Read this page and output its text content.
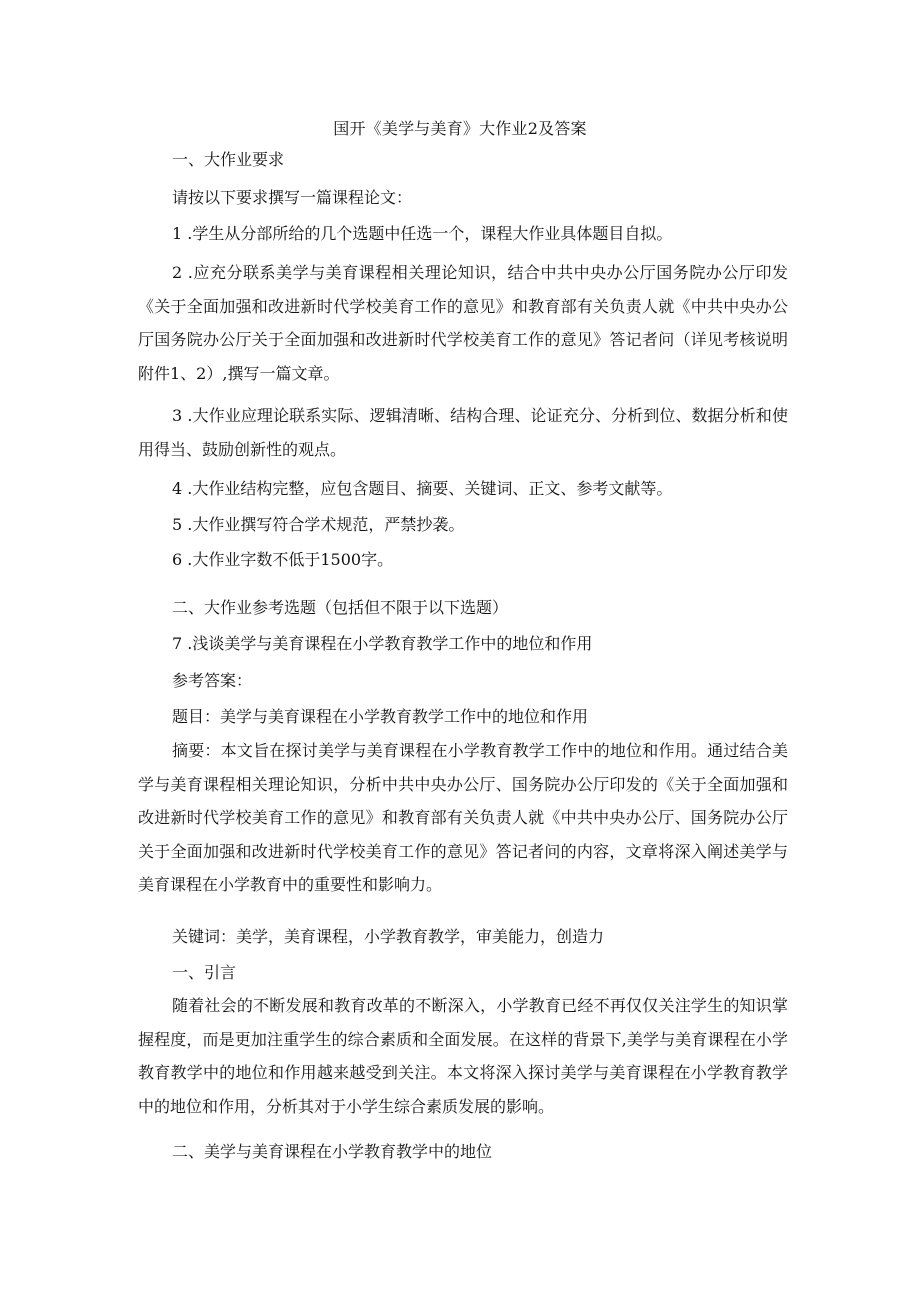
国开《美学与美育》大作业2及答案
一、大作业要求
请按以下要求撰写一篇课程论文：
1 .学生从分部所给的几个选题中任选一个，课程大作业具体题目自拟。

2 .应充分联系美学与美育课程相关理论知识，结合中共中央办公厅国务院办公厅印发《关于全面加强和改进新时代学校美育工作的意见》和教育部有关负责人就《中共中央办公厅国务院办公厅关于全面加强和改进新时代学校美育工作的意见》答记者问（详见考核说明附件1、2）,撰写一篇文章。

3 .大作业应理论联系实际、逻辑清晰、结构合理、论证充分、分析到位、数据分析和使用得当、鼓励创新性的观点。

4 .大作业结构完整，应包含题目、摘要、关键词、正文、参考文献等。
5 .大作业撰写符合学术规范，严禁抄袭。
6 .大作业字数不低于1500字。
二、大作业参考选题（包括但不限于以下选题）
7 .浅谈美学与美育课程在小学教育教学工作中的地位和作用
参考答案：
题目：美学与美育课程在小学教育教学工作中的地位和作用

摘要：本文旨在探讨美学与美育课程在小学教育教学工作中的地位和作用。通过结合美学与美育课程相关理论知识，分析中共中央办公厅、国务院办公厅印发的《关于全面加强和改进新时代学校美育工作的意见》和教育部有关负责人就《中共中央办公厅、国务院办公厅关于全面加强和改进新时代学校美育工作的意见》答记者问的内容，文章将深入阐述美学与美育课程在小学教育中的重要性和影响力。

关键词：美学，美育课程，小学教育教学，审美能力，创造力
一、引言

随着社会的不断发展和教育改革的不断深入，小学教育已经不再仅仅关注学生的知识掌握程度，而是更加注重学生的综合素质和全面发展。在这样的背景下,美学与美育课程在小学教育教学中的地位和作用越来越受到关注。本文将深入探讨美学与美育课程在小学教育教学中的地位和作用，分析其对于小学生综合素质发展的影响。

二、美学与美育课程在小学教育教学中的地位
